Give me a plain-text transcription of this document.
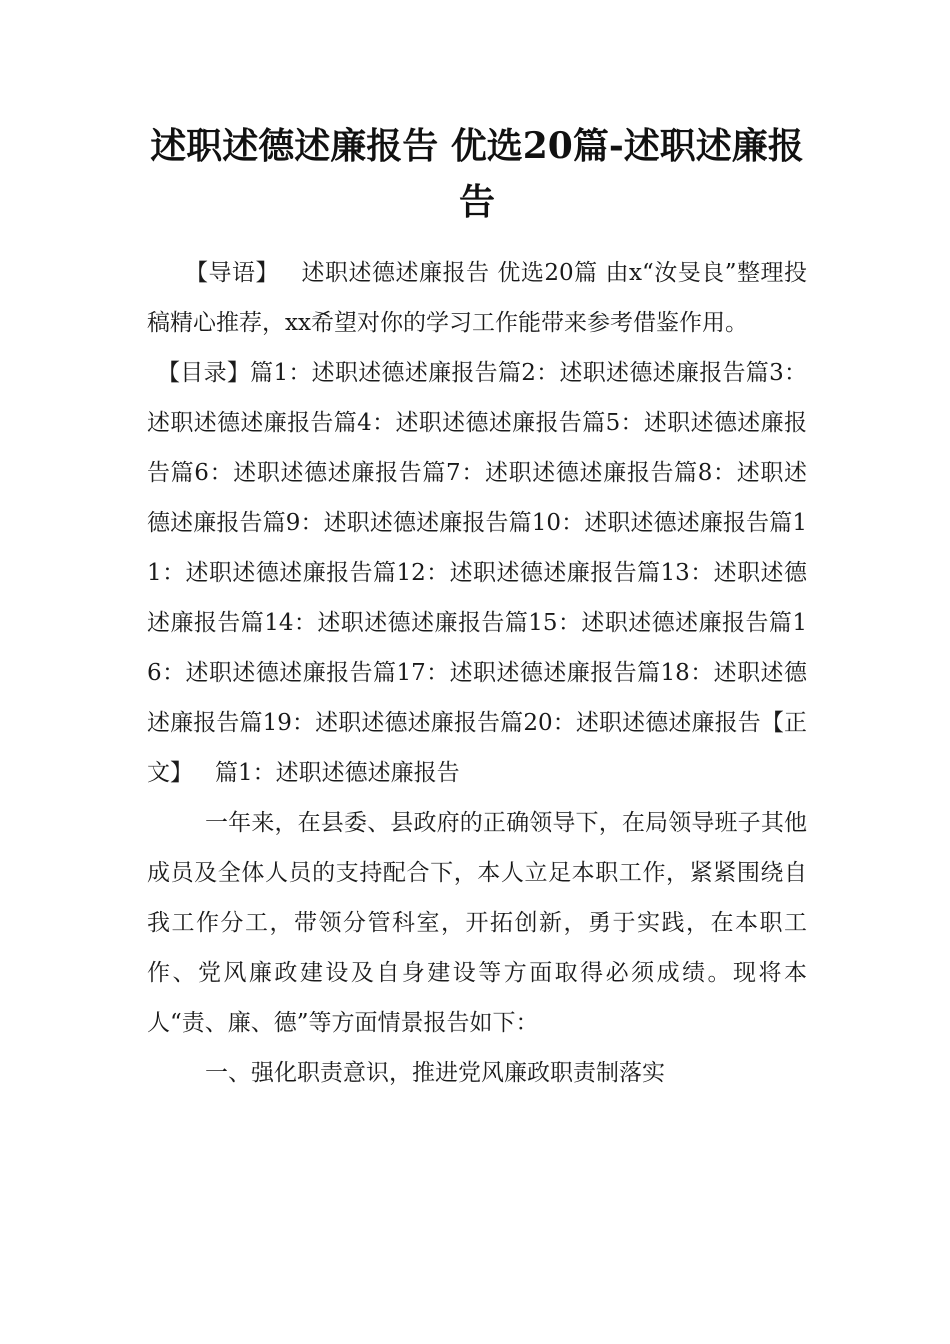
述职述德述廉报告 优选20篇-述职述廉报告

【导语】 述职述德述廉报告 优选20篇 由x“汝旻良”整理投稿精心推荐，xx希望对你的学习工作能带来参考借鉴作用。

【目录】篇1：述职述德述廉报告篇2：述职述德述廉报告篇3：述职述德述廉报告篇4：述职述德述廉报告篇5：述职述德述廉报告篇6：述职述德述廉报告篇7：述职述德述廉报告篇8：述职述德述廉报告篇9：述职述德述廉报告篇10：述职述德述廉报告篇11：述职述德述廉报告篇12：述职述德述廉报告篇13：述职述德述廉报告篇14：述职述德述廉报告篇15：述职述德述廉报告篇16：述职述德述廉报告篇17：述职述德述廉报告篇18：述职述德述廉报告篇19：述职述德述廉报告篇20：述职述德述廉报告【正文】 篇1：述职述德述廉报告

一年来，在县委、县政府的正确领导下，在局领导班子其他成员及全体人员的支持配合下，本人立足本职工作，紧紧围绕自我工作分工，带领分管科室，开拓创新，勇于实践，在本职工作、党风廉政建设及自身建设等方面取得必须成绩。现将本人“责、廉、德”等方面情景报告如下：

一、强化职责意识，推进党风廉政职责制落实
